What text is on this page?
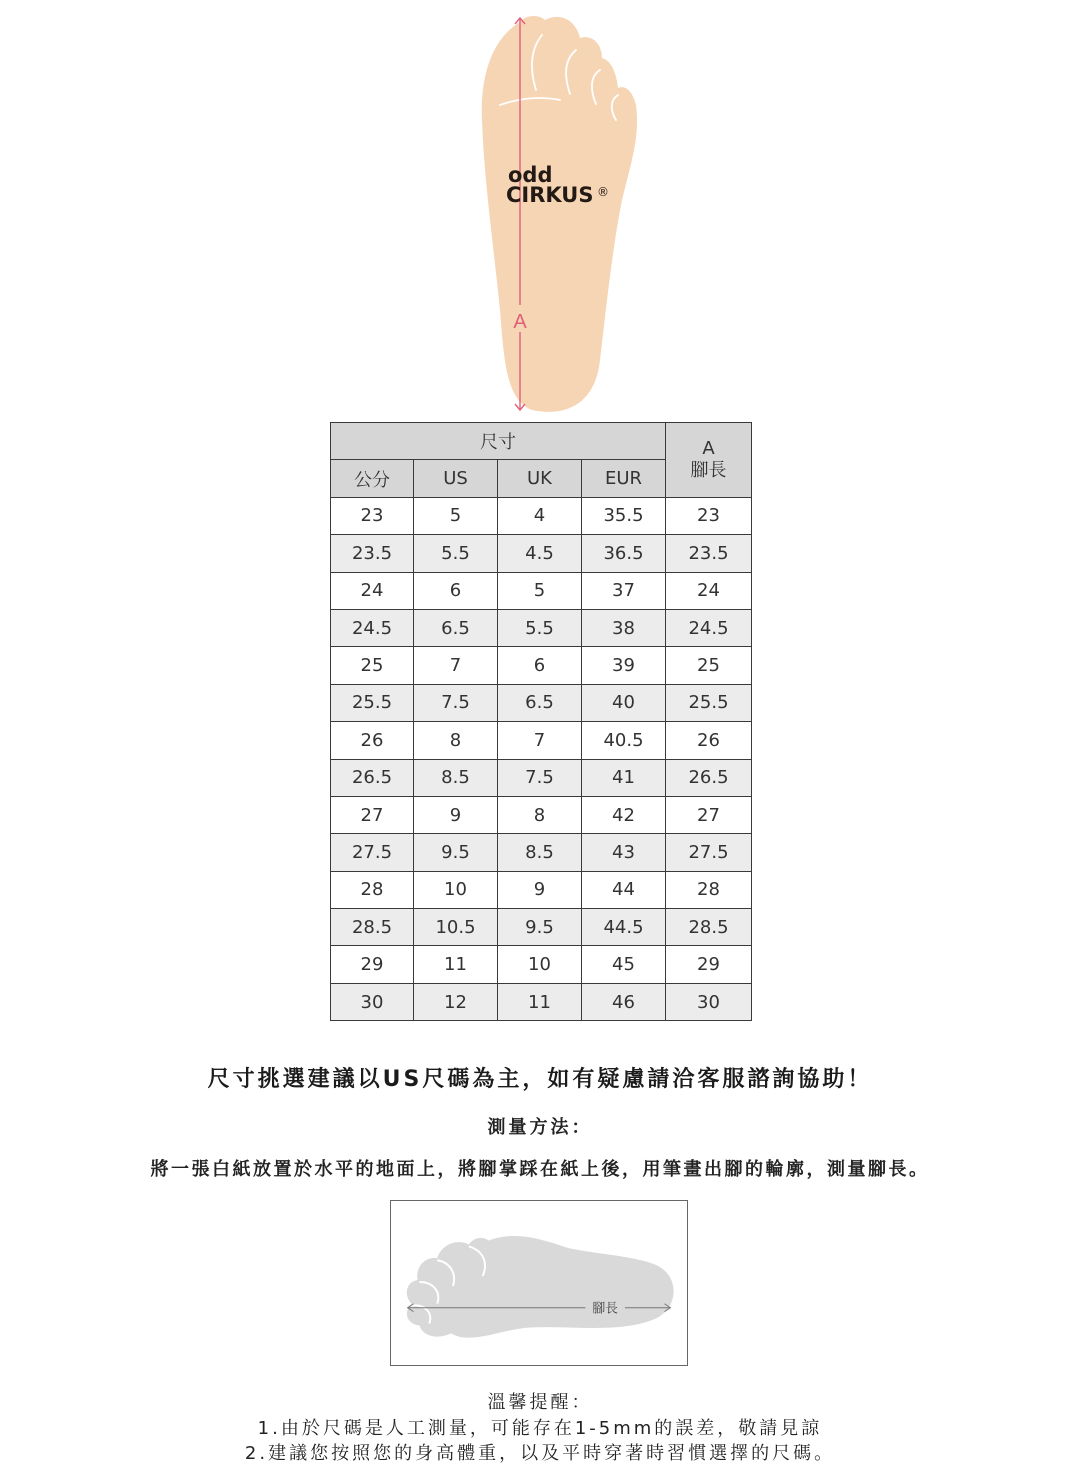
A
odd
CIRKUS ®
尺寸				A
腳長

公分	US	UK	EUR	
23	5	4	35.5	23
23.5	5.5	4.5	36.5	23.5
24	6	5	37	24
24.5	6.5	5.5	38	24.5
25	7	6	39	25
25.5	7.5	6.5	40	25.5
26	8	7	40.5	26
26.5	8.5	7.5	41	26.5
27	9	8	42	27
27.5	9.5	8.5	43	27.5
28	10	9	44	28
28.5	10.5	9.5	44.5	28.5
29	11	10	45	29
30	12	11	46	30
尺寸挑選建議以US尺碼為主，如有疑慮請洽客服諮詢協助！
測量方法：
將一張白紙放置於水平的地面上，將腳掌踩在紙上後，用筆畫出腳的輪廓，測量腳長。
腳長
溫馨提醒：
1.由於尺碼是人工測量，可能存在1-5mm的誤差，敬請見諒
2.建議您按照您的身高體重，以及平時穿著時習慣選擇的尺碼。
